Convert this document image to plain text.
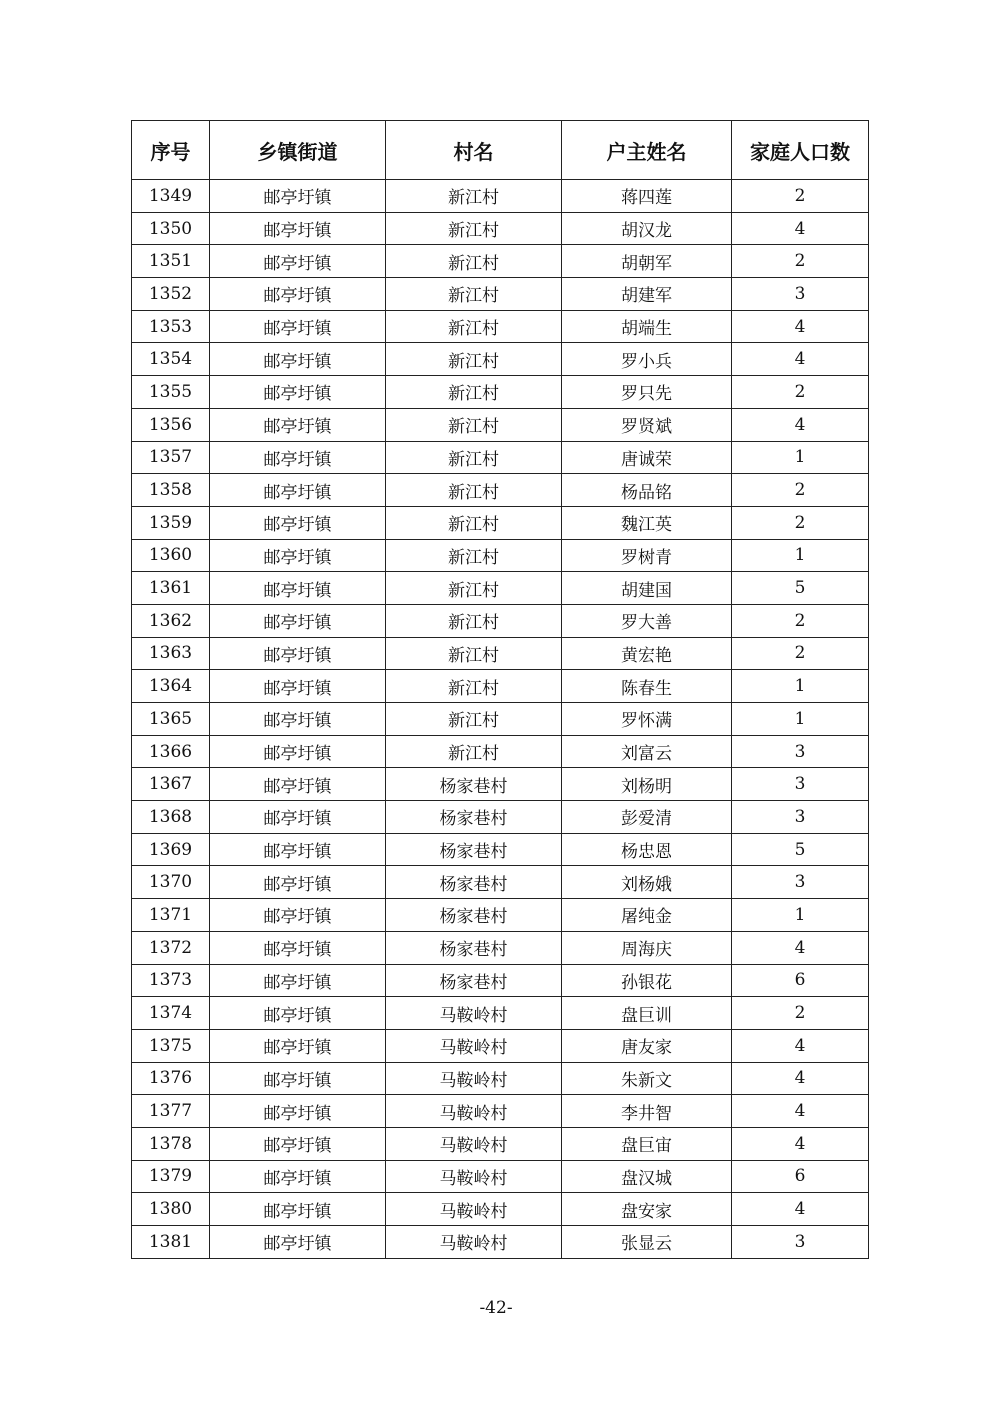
序号	乡镇街道	村名	户主姓名	家庭人口数
1349	邮亭圩镇	新江村	蒋四莲	2
1350	邮亭圩镇	新江村	胡汉龙	4
1351	邮亭圩镇	新江村	胡朝军	2
1352	邮亭圩镇	新江村	胡建军	3
1353	邮亭圩镇	新江村	胡端生	4
1354	邮亭圩镇	新江村	罗小兵	4
1355	邮亭圩镇	新江村	罗只先	2
1356	邮亭圩镇	新江村	罗贤斌	4
1357	邮亭圩镇	新江村	唐诚荣	1
1358	邮亭圩镇	新江村	杨品铭	2
1359	邮亭圩镇	新江村	魏江英	2
1360	邮亭圩镇	新江村	罗树青	1
1361	邮亭圩镇	新江村	胡建国	5
1362	邮亭圩镇	新江村	罗大善	2
1363	邮亭圩镇	新江村	黄宏艳	2
1364	邮亭圩镇	新江村	陈春生	1
1365	邮亭圩镇	新江村	罗怀满	1
1366	邮亭圩镇	新江村	刘富云	3
1367	邮亭圩镇	杨家巷村	刘杨明	3
1368	邮亭圩镇	杨家巷村	彭爱清	3
1369	邮亭圩镇	杨家巷村	杨忠恩	5
1370	邮亭圩镇	杨家巷村	刘杨娥	3
1371	邮亭圩镇	杨家巷村	屠纯金	1
1372	邮亭圩镇	杨家巷村	周海庆	4
1373	邮亭圩镇	杨家巷村	孙银花	6
1374	邮亭圩镇	马鞍岭村	盘巨训	2
1375	邮亭圩镇	马鞍岭村	唐友家	4
1376	邮亭圩镇	马鞍岭村	朱新文	4
1377	邮亭圩镇	马鞍岭村	李井智	4
1378	邮亭圩镇	马鞍岭村	盘巨宙	4
1379	邮亭圩镇	马鞍岭村	盘汉城	6
1380	邮亭圩镇	马鞍岭村	盘安家	4
1381	邮亭圩镇	马鞍岭村	张显云	3
-42-
